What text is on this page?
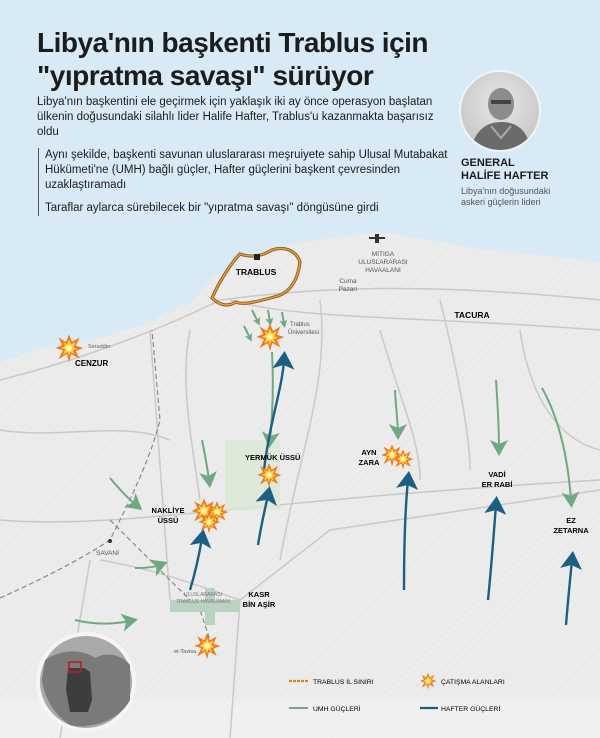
TRABLUS
MITIGA
ULUSLARARASI
HAVAALANI
Cuma
Pazarı
Trablus
Üniversitesi
TACURA
Seraddin
CENZUR
YERMÜK ÜSSÜ
NAKLİYE
ÜSSÜ
AYN
ZARA
VADİ
ER RABİ
EZ
ZETARNA
SAVANİ
ULUSLARARASI
TRABLUS HAVALİMANI
KASR
BİN AŞİR
et-Tavisa
TRABLUS İL SINIRI	ÇATIŞMA ALANLARI
UMH GÜÇLERİ	HAFTER GÜÇLERİ
Libya'nın başkenti Trablus için
"yıpratma savaşı" sürüyor

Libya'nın başkentini ele geçirmek için yaklaşık iki ay önce operasyon başlatan ülkenin doğusundaki silahlı lider Halife Hafter, Trablus'u kazanmakta başarısız oldu

Aynı şekilde, başkenti savunan uluslararası meşruiyete sahip Ulusal Mutabakat Hükümeti'ne (UMH) bağlı güçler, Hafter güçlerini başkent çevresinden uzaklaştıramadı

Taraflar aylarca sürebilecek bir "yıpratma savaşı" döngüsüne girdi

GENERAL
HALİFE HAFTER
Libya'nın doğusundaki
askeri güçlerin lideri
